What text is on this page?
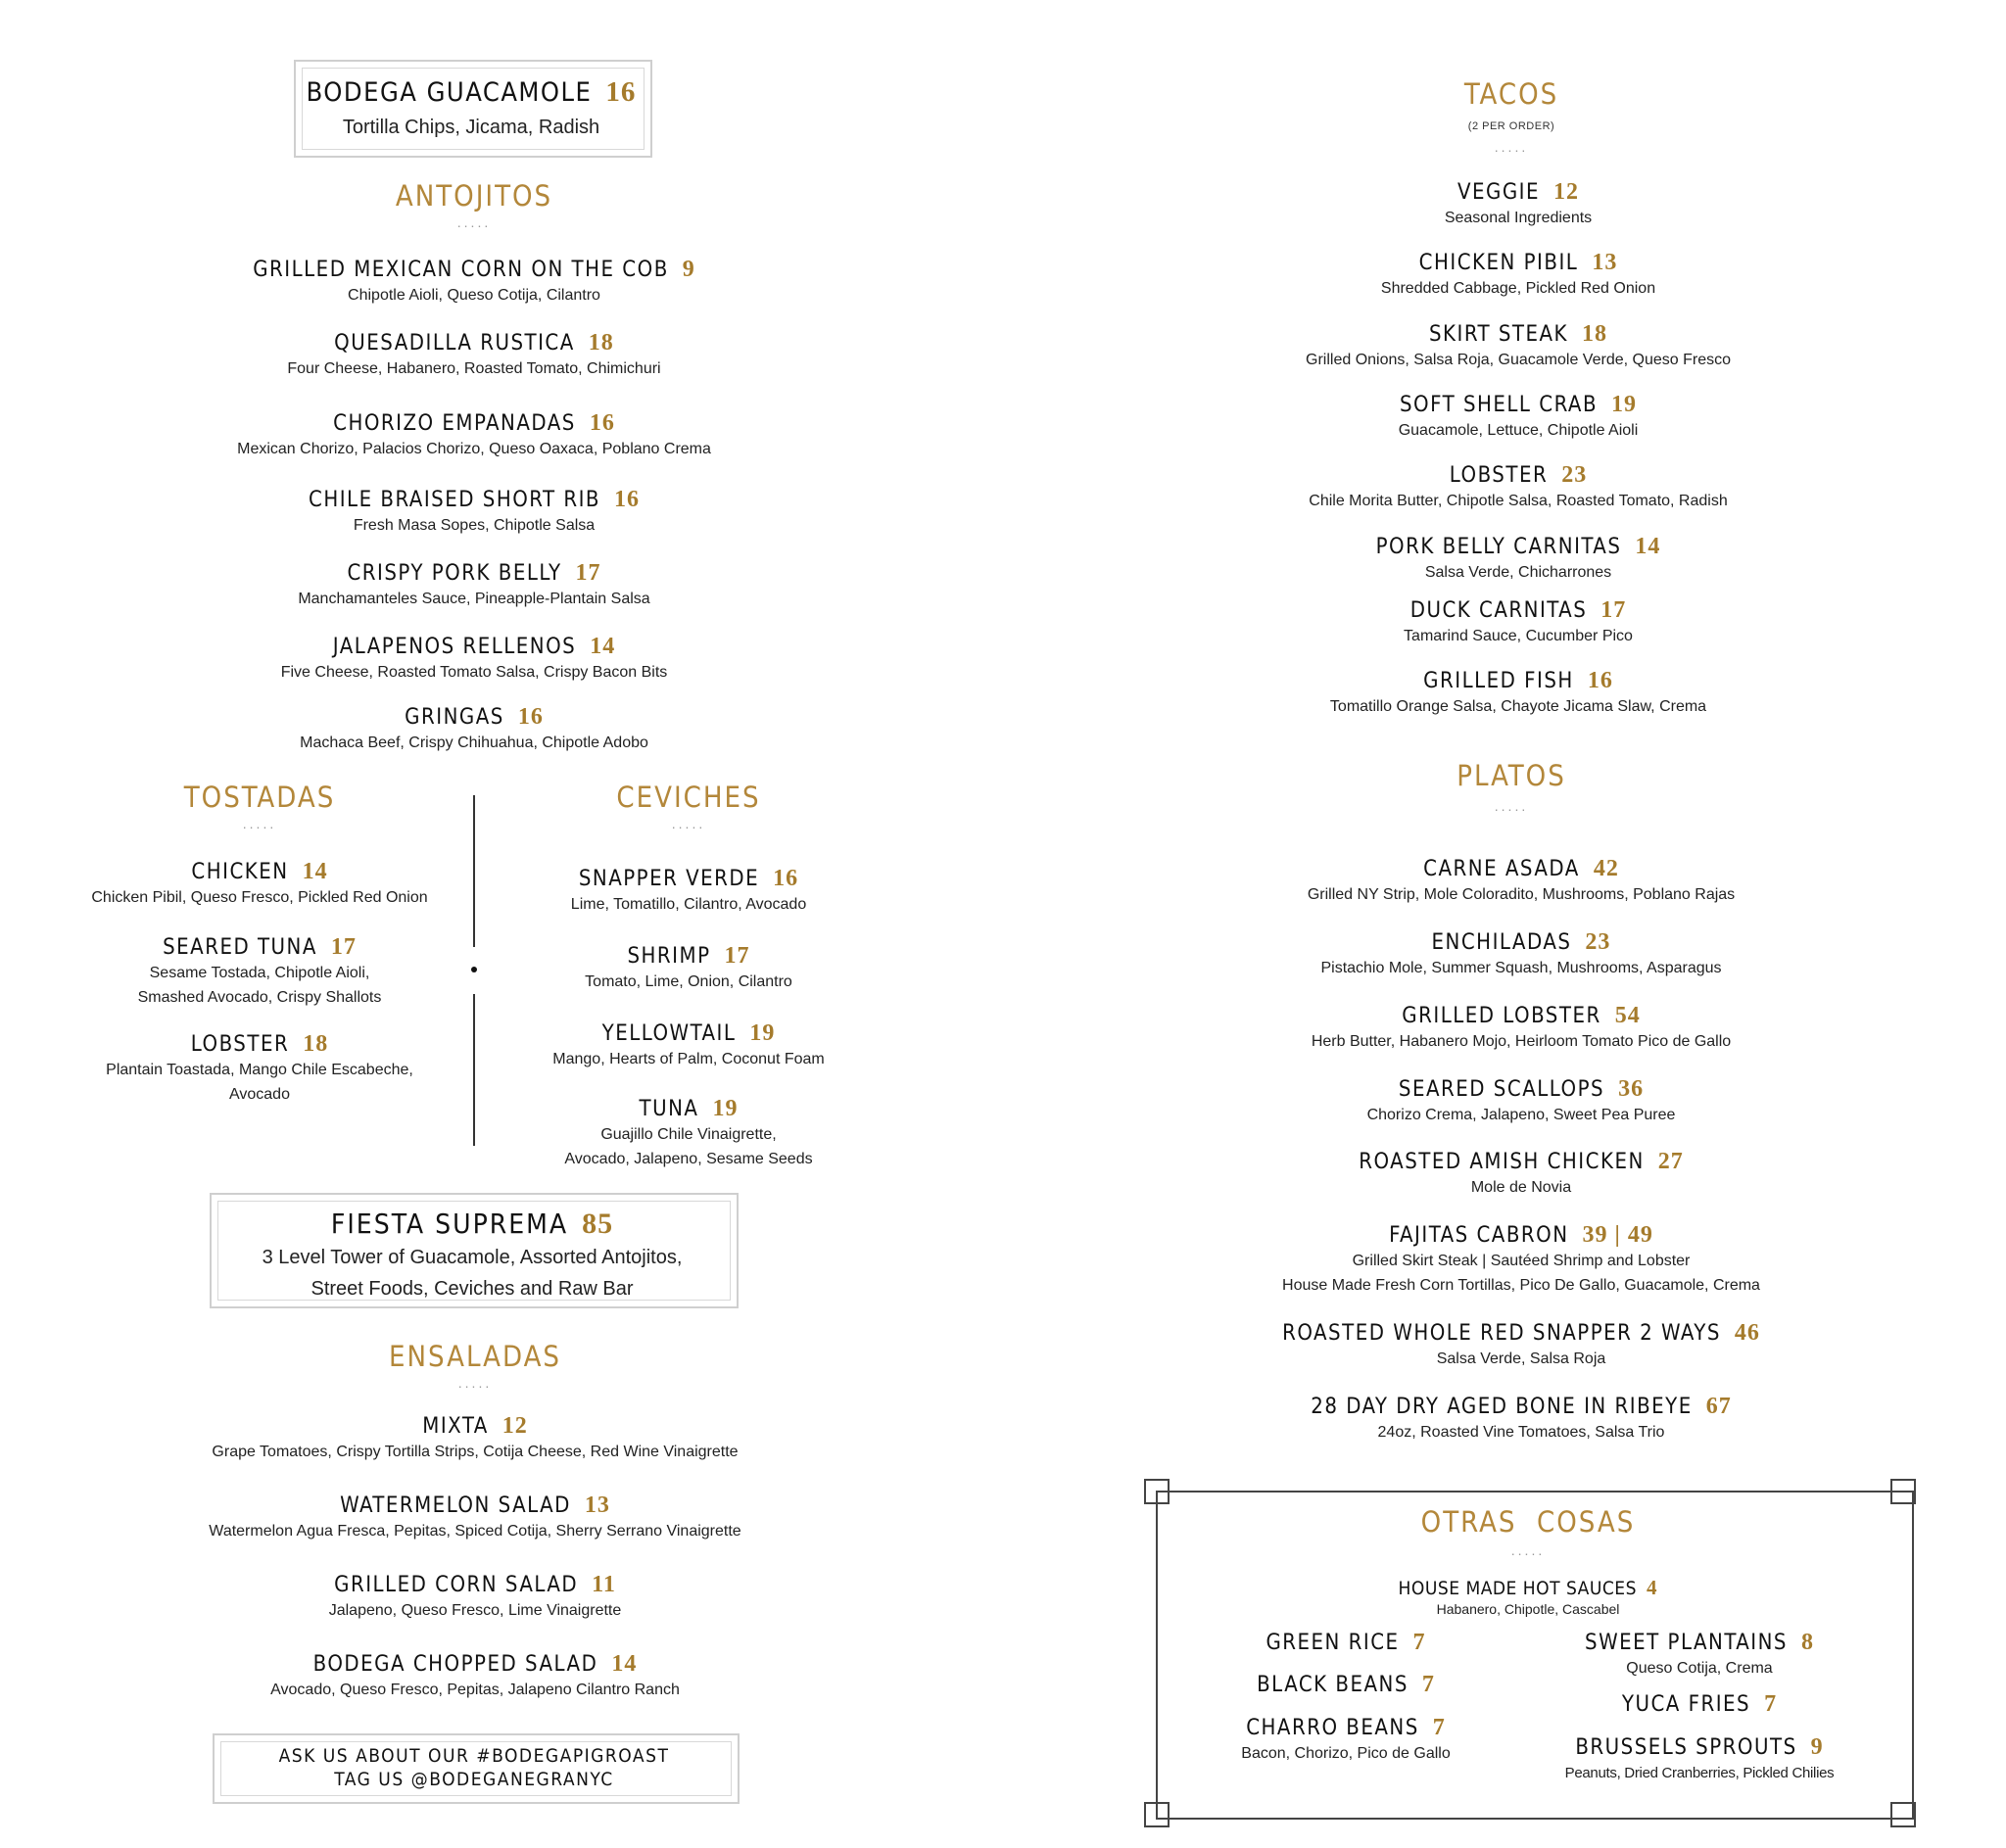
BODEGA GUACAMOLE 16
Tortilla Chips, Jicama, Radish
ANTOJITOS
.....
GRILLED MEXICAN CORN ON THE COB 9
Chipotle Aioli, Queso Cotija, Cilantro
QUESADILLA RUSTICA 18
Four Cheese, Habanero, Roasted Tomato, Chimichuri
CHORIZO EMPANADAS 16
Mexican Chorizo, Palacios Chorizo, Queso Oaxaca, Poblano Crema
CHILE BRAISED SHORT RIB 16
Fresh Masa Sopes, Chipotle Salsa
CRISPY PORK BELLY 17
Manchamanteles Sauce, Pineapple-Plantain Salsa
JALAPENOS RELLENOS 14
Five Cheese, Roasted Tomato Salsa, Crispy Bacon Bits
GRINGAS 16
Machaca Beef, Crispy Chihuahua, Chipotle Adobo
TOSTADAS
.....
CHICKEN 14
Chicken Pibil, Queso Fresco, Pickled Red Onion
SEARED TUNA 17
Sesame Tostada, Chipotle Aioli,
Smashed Avocado, Crispy Shallots
LOBSTER 18
Plantain Toastada, Mango Chile Escabeche,
Avocado
CEVICHES
.....
SNAPPER VERDE 16
Lime, Tomatillo, Cilantro, Avocado
SHRIMP 17
Tomato, Lime, Onion, Cilantro
YELLOWTAIL 19
Mango, Hearts of Palm, Coconut Foam
TUNA 19
Guajillo Chile Vinaigrette,
Avocado, Jalapeno, Sesame Seeds
FIESTA SUPREMA 85
3 Level Tower of Guacamole, Assorted Antojitos,
Street Foods, Ceviches and Raw Bar
ENSALADAS
.....
MIXTA 12
Grape Tomatoes, Crispy Tortilla Strips, Cotija Cheese, Red Wine Vinaigrette
WATERMELON SALAD 13
Watermelon Agua Fresca, Pepitas, Spiced Cotija, Sherry Serrano Vinaigrette
GRILLED CORN SALAD 11
Jalapeno, Queso Fresco, Lime Vinaigrette
BODEGA CHOPPED SALAD 14
Avocado, Queso Fresco, Pepitas, Jalapeno Cilantro Ranch
ASK US ABOUT OUR #BODEGAPIGROAST
TAG US @BODEGANEGRANYC
TACOS
(2 PER ORDER)
.....
VEGGIE 12
Seasonal Ingredients
CHICKEN PIBIL 13
Shredded Cabbage, Pickled Red Onion
SKIRT STEAK 18
Grilled Onions, Salsa Roja, Guacamole Verde, Queso Fresco
SOFT SHELL CRAB 19
Guacamole, Lettuce, Chipotle Aioli
LOBSTER 23
Chile Morita Butter, Chipotle Salsa, Roasted Tomato, Radish
PORK BELLY CARNITAS 14
Salsa Verde, Chicharrones
DUCK CARNITAS 17
Tamarind Sauce, Cucumber Pico
GRILLED FISH 16
Tomatillo Orange Salsa, Chayote Jicama Slaw, Crema
PLATOS
.....
CARNE ASADA 42
Grilled NY Strip, Mole Coloradito, Mushrooms, Poblano Rajas
ENCHILADAS 23
Pistachio Mole, Summer Squash, Mushrooms, Asparagus
GRILLED LOBSTER 54
Herb Butter, Habanero Mojo, Heirloom Tomato Pico de Gallo
SEARED SCALLOPS 36
Chorizo Crema, Jalapeno, Sweet Pea Puree
ROASTED AMISH CHICKEN 27
Mole de Novia
FAJITAS CABRON 39 | 49
Grilled Skirt Steak | Sautéed Shrimp and Lobster
House Made Fresh Corn Tortillas, Pico De Gallo, Guacamole, Crema
ROASTED WHOLE RED SNAPPER 2 WAYS 46
Salsa Verde, Salsa Roja
28 DAY DRY AGED BONE IN RIBEYE 67
24oz, Roasted Vine Tomatoes, Salsa Trio
OTRAS  COSAS
.....
HOUSE MADE HOT SAUCES 4
Habanero, Chipotle, Cascabel
GREEN RICE 7
BLACK BEANS 7
CHARRO BEANS 7
Bacon, Chorizo, Pico de Gallo
SWEET PLANTAINS 8
Queso Cotija, Crema
YUCA FRIES 7
BRUSSELS SPROUTS 9
Peanuts, Dried Cranberries, Pickled Chilies
